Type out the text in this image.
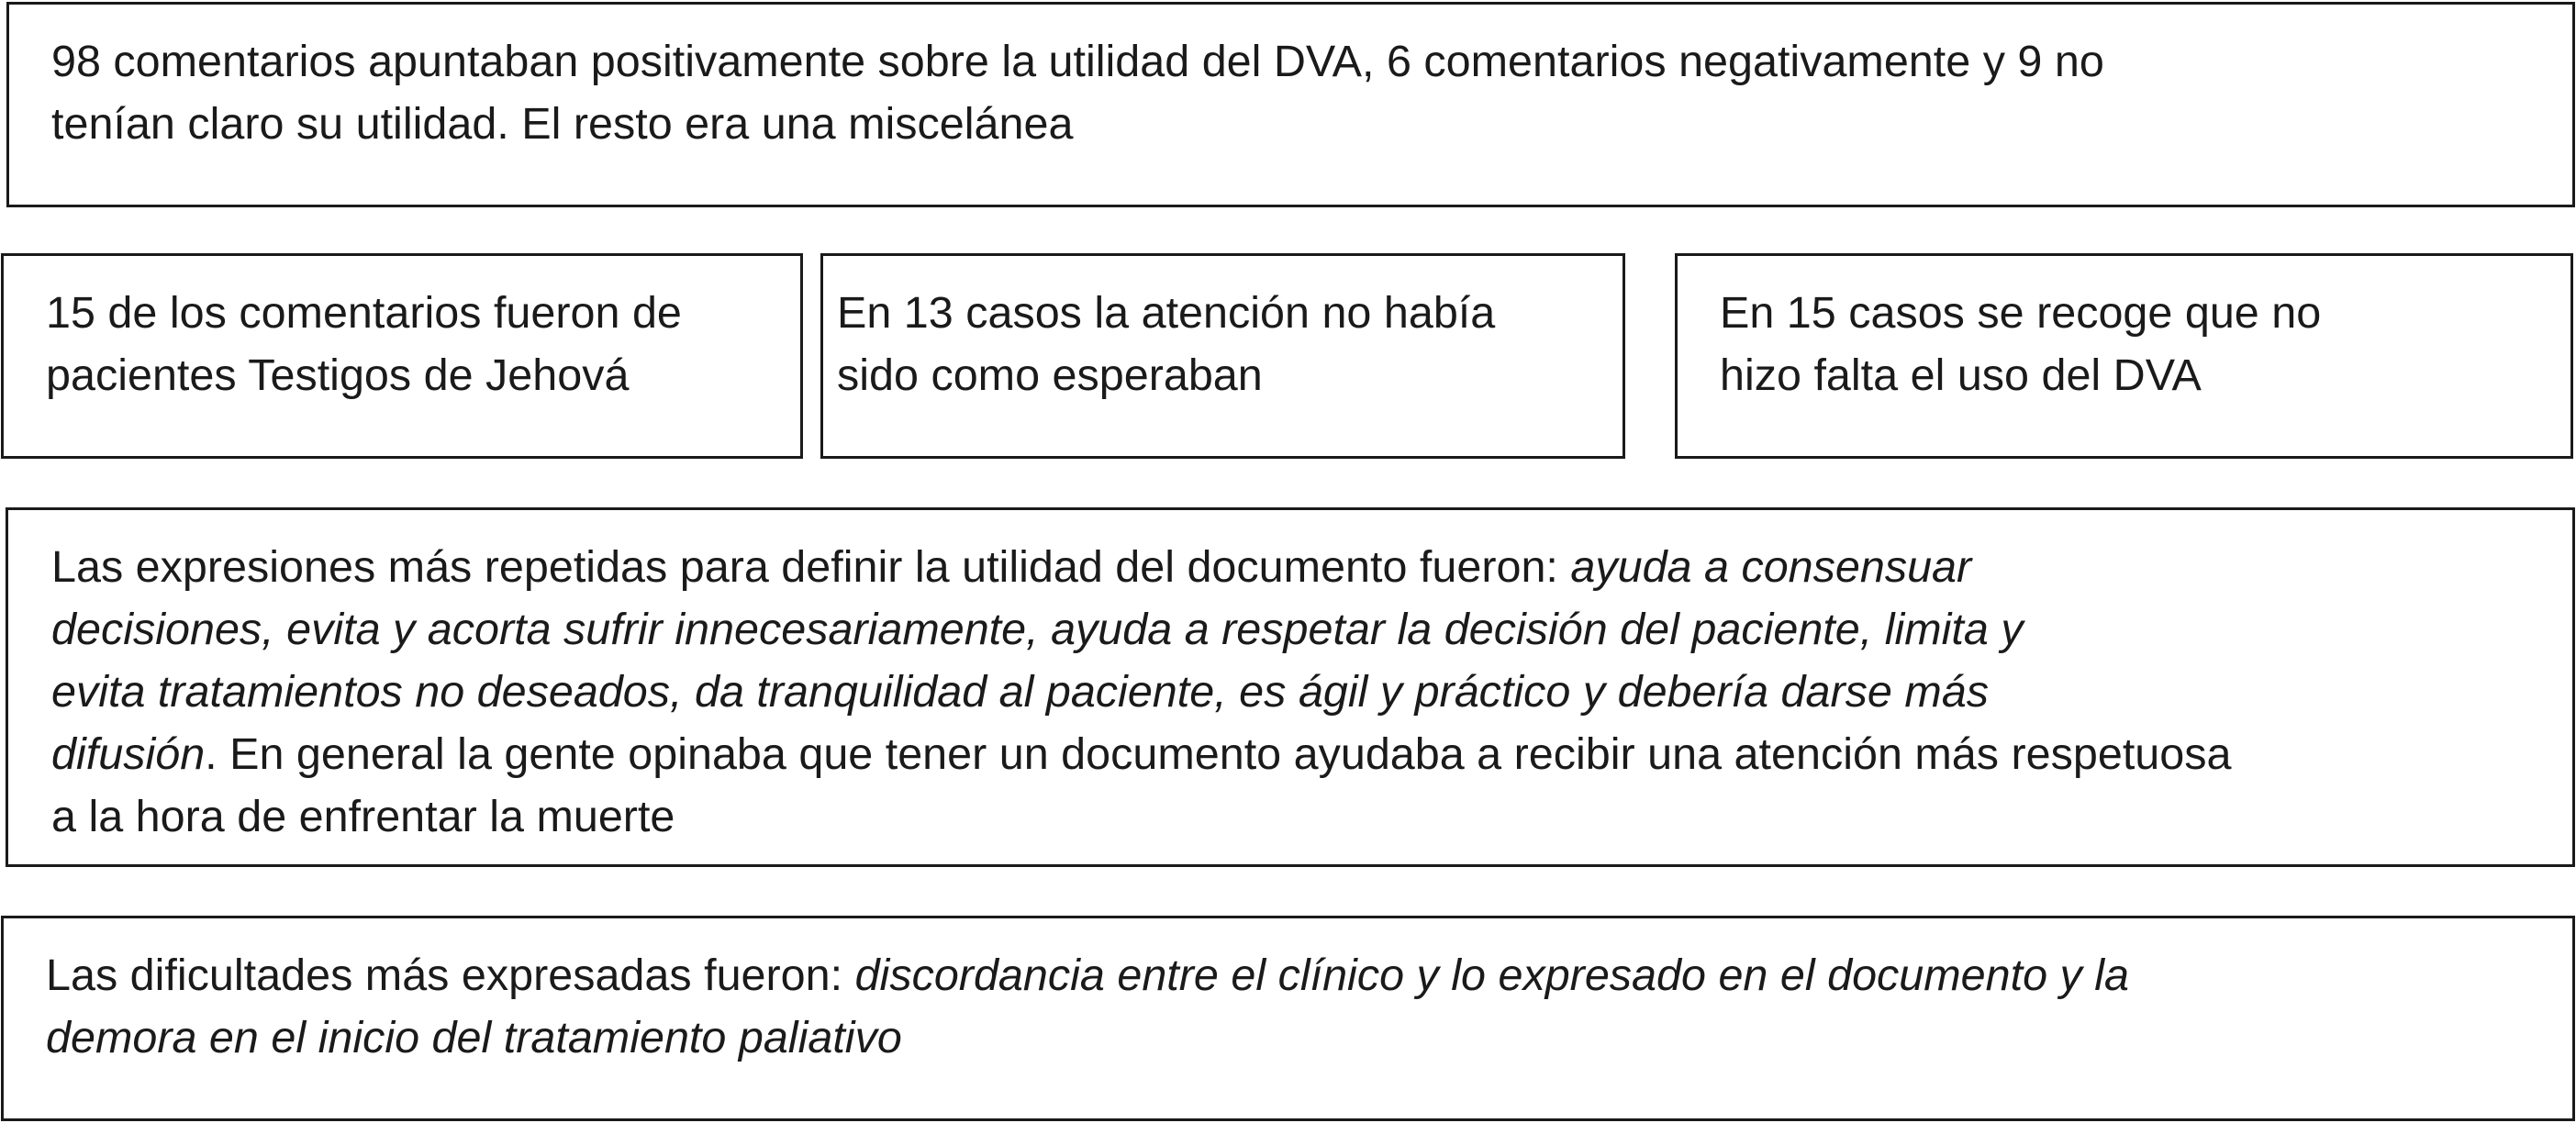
98 comentarios apuntaban positivamente sobre la utilidad del DVA, 6 comentarios negativamente y 9 no
tenían claro su utilidad. El resto era una miscelánea

15 de los comentarios fueron de
pacientes Testigos de Jehová

En 13 casos la atención no había
sido como esperaban

En 15 casos se recoge que no
hizo falta el uso del DVA

Las expresiones más repetidas para definir la utilidad del documento fueron: ayuda a consensuar
decisiones, evita y acorta sufrir innecesariamente, ayuda a respetar la decisión del paciente, limita y
evita tratamientos no deseados, da tranquilidad al paciente, es ágil y práctico y debería darse más
difusión. En general la gente opinaba que tener un documento ayudaba a recibir una atención más respetuosa
a la hora de enfrentar la muerte

Las dificultades más expresadas fueron: discordancia entre el clínico y lo expresado en el documento y la
demora en el inicio del tratamiento paliativo
